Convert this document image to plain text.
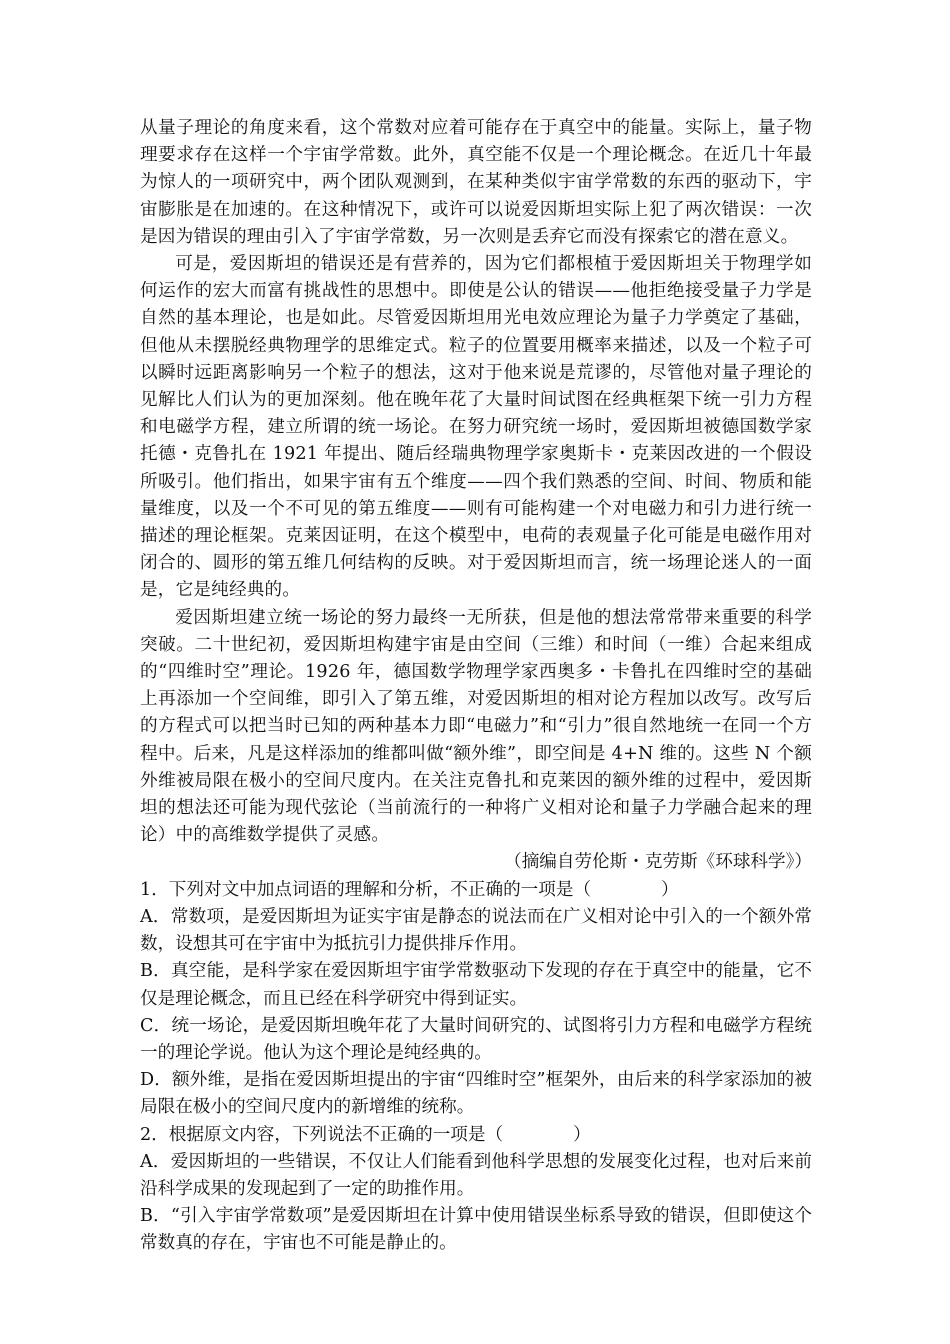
从量子理论的角度来看，这个常数对应着可能存在于真空中的能量。实际上，量子物理要求存在这样一个宇宙学常数。此外，真空能不仅是一个理论概念。在近几十年最为惊人的一项研究中，两个团队观测到，在某种类似宇宙学常数的东西的驱动下，宇宙膨胀是在加速的。在这种情况下，或许可以说爱因斯坦实际上犯了两次错误：一次是因为错误的理由引入了宇宙学常数，另一次则是丢弃它而没有探索它的潜在意义。

可是，爱因斯坦的错误还是有营养的，因为它们都根植于爱因斯坦关于物理学如何运作的宏大而富有挑战性的思想中。即使是公认的错误——他拒绝接受量子力学是自然的基本理论，也是如此。尽管爱因斯坦用光电效应理论为量子力学奠定了基础，但他从未摆脱经典物理学的思维定式。粒子的位置要用概率来描述，以及一个粒子可以瞬时远距离影响另一个粒子的想法，这对于他来说是荒谬的，尽管他对量子理论的见解比人们认为的更加深刻。他在晚年花了大量时间试图在经典框架下统一引力方程和电磁学方程，建立所谓的统一场论。在努力研究统一场时，爱因斯坦被德国数学家托德・克鲁扎在 1921 年提出、随后经瑞典物理学家奥斯卡・克莱因改进的一个假设所吸引。他们指出，如果宇宙有五个维度——四个我们熟悉的空间、时间、物质和能量维度，以及一个不可见的第五维度——则有可能构建一个对电磁力和引力进行统一描述的理论框架。克莱因证明，在这个模型中，电荷的表观量子化可能是电磁作用对闭合的、圆形的第五维几何结构的反映。对于爱因斯坦而言，统一场理论迷人的一面是，它是纯经典的。

爱因斯坦建立统一场论的努力最终一无所获，但是他的想法常常带来重要的科学突破。二十世纪初，爱因斯坦构建宇宙是由空间（三维）和时间（一维）合起来组成的“四维时空”理论。1926 年，德国数学物理学家西奥多・卡鲁扎在四维时空的基础上再添加一个空间维，即引入了第五维，对爱因斯坦的相对论方程加以改写。改写后的方程式可以把当时已知的两种基本力即“电磁力”和“引力”很自然地统一在同一个方程中。后来，凡是这样添加的维都叫做“额外维”，即空间是 4+N 维的。这些 N 个额外维被局限在极小的空间尺度内。在关注克鲁扎和克莱因的额外维的过程中，爱因斯坦的想法还可能为现代弦论（当前流行的一种将广义相对论和量子力学融合起来的理论）中的高维数学提供了灵感。

（摘编自劳伦斯・克劳斯《环球科学》）

1．下列对文中加点词语的理解和分析，不正确的一项是（	）

A．常数项，是爱因斯坦为证实宇宙是静态的说法而在广义相对论中引入的一个额外常数，设想其可在宇宙中为抵抗引力提供排斥作用。

B．真空能，是科学家在爱因斯坦宇宙学常数驱动下发现的存在于真空中的能量，它不仅是理论概念，而且已经在科学研究中得到证实。

C．统一场论，是爱因斯坦晚年花了大量时间研究的、试图将引力方程和电磁学方程统一的理论学说。他认为这个理论是纯经典的。

D．额外维，是指在爱因斯坦提出的宇宙“四维时空”框架外，由后来的科学家添加的被局限在极小的空间尺度内的新增维的统称。

2．根据原文内容，下列说法不正确的一项是（	）

A．爱因斯坦的一些错误，不仅让人们能看到他科学思想的发展变化过程，也对后来前沿科学成果的发现起到了一定的助推作用。

B．“引入宇宙学常数项”是爱因斯坦在计算中使用错误坐标系导致的错误，但即使这个常数真的存在，宇宙也不可能是静止的。
